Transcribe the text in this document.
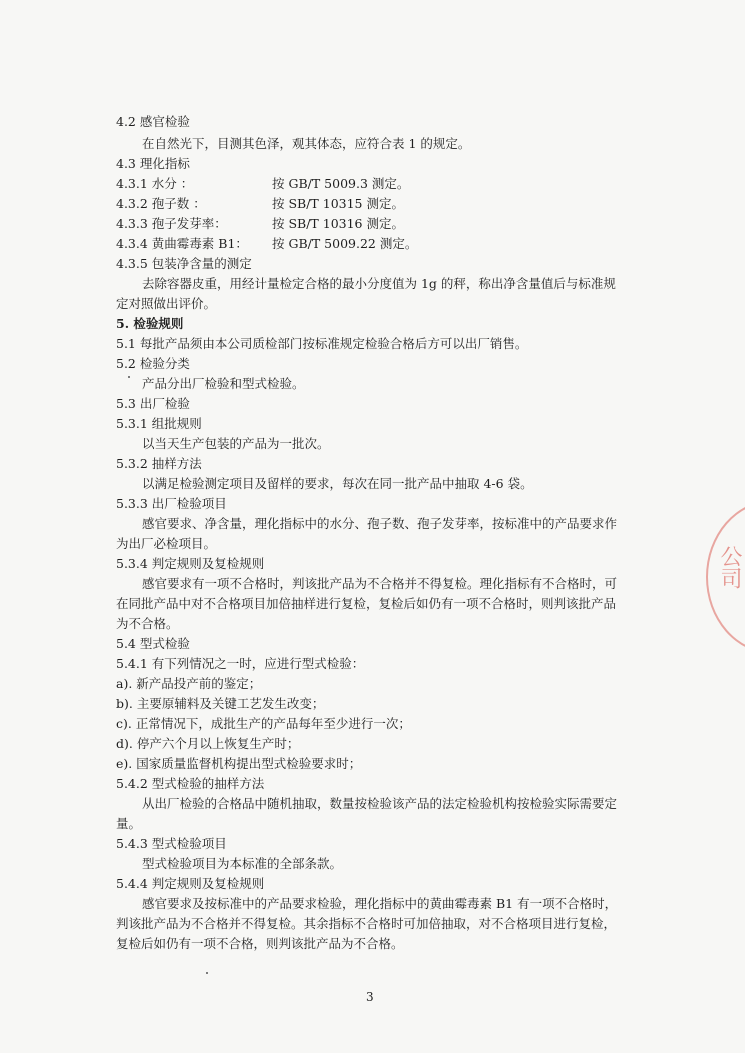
4.2 感官检验
在自然光下，目测其色泽，观其体态，应符合表 1 的规定。
4.3 理化指标
4.3.1 水分 ：	按 GB/T 5009.3 测定。
4.3.2 孢子数 ：	按 SB/T 10315 测定。
4.3.3 孢子发芽率：	按 SB/T 10316 测定。
4.3.4 黄曲霉毒素 B1： 按 GB/T 5009.22 测定。
4.3.5 包装净含量的测定
去除容器皮重，用经计量检定合格的最小分度值为 1g 的秤，称出净含量值后与标准规
定对照做出评价。
5. 检验规则
5.1 每批产品须由本公司质检部门按标准规定检验合格后方可以出厂销售。
5.2 检验分类
产品分出厂检验和型式检验。
5.3 出厂检验
5.3.1 组批规则
以当天生产包装的产品为一批次。
5.3.2 抽样方法
以满足检验测定项目及留样的要求，每次在同一批产品中抽取 4-6 袋。
5.3.3 出厂检验项目
感官要求、净含量，理化指标中的水分、孢子数、孢子发芽率，按标准中的产品要求作
为出厂必检项目。
5.3.4 判定规则及复检规则
感官要求有一项不合格时，判该批产品为不合格并不得复检。理化指标有不合格时，可
在同批产品中对不合格项目加倍抽样进行复检，复检后如仍有一项不合格时，则判该批产品
为不合格。
5.4 型式检验
5.4.1 有下列情况之一时，应进行型式检验：
a). 新产品投产前的鉴定；
b). 主要原辅料及关键工艺发生改变；
c). 正常情况下，成批生产的产品每年至少进行一次；
d). 停产六个月以上恢复生产时；
e). 国家质量监督机构提出型式检验要求时；
5.4.2 型式检验的抽样方法
从出厂检验的合格品中随机抽取，数量按检验该产品的法定检验机构按检验实际需要定
量。
5.4.3 型式检验项目
型式检验项目为本标准的全部条款。
5.4.4 判定规则及复检规则
感官要求及按标准中的产品要求检验，理化指标中的黄曲霉毒素 B1 有一项不合格时，
判该批产品为不合格并不得复检。其余指标不合格时可加倍抽取，对不合格项目进行复检，
复检后如仍有一项不合格，则判该批产品为不合格。
3
公司
